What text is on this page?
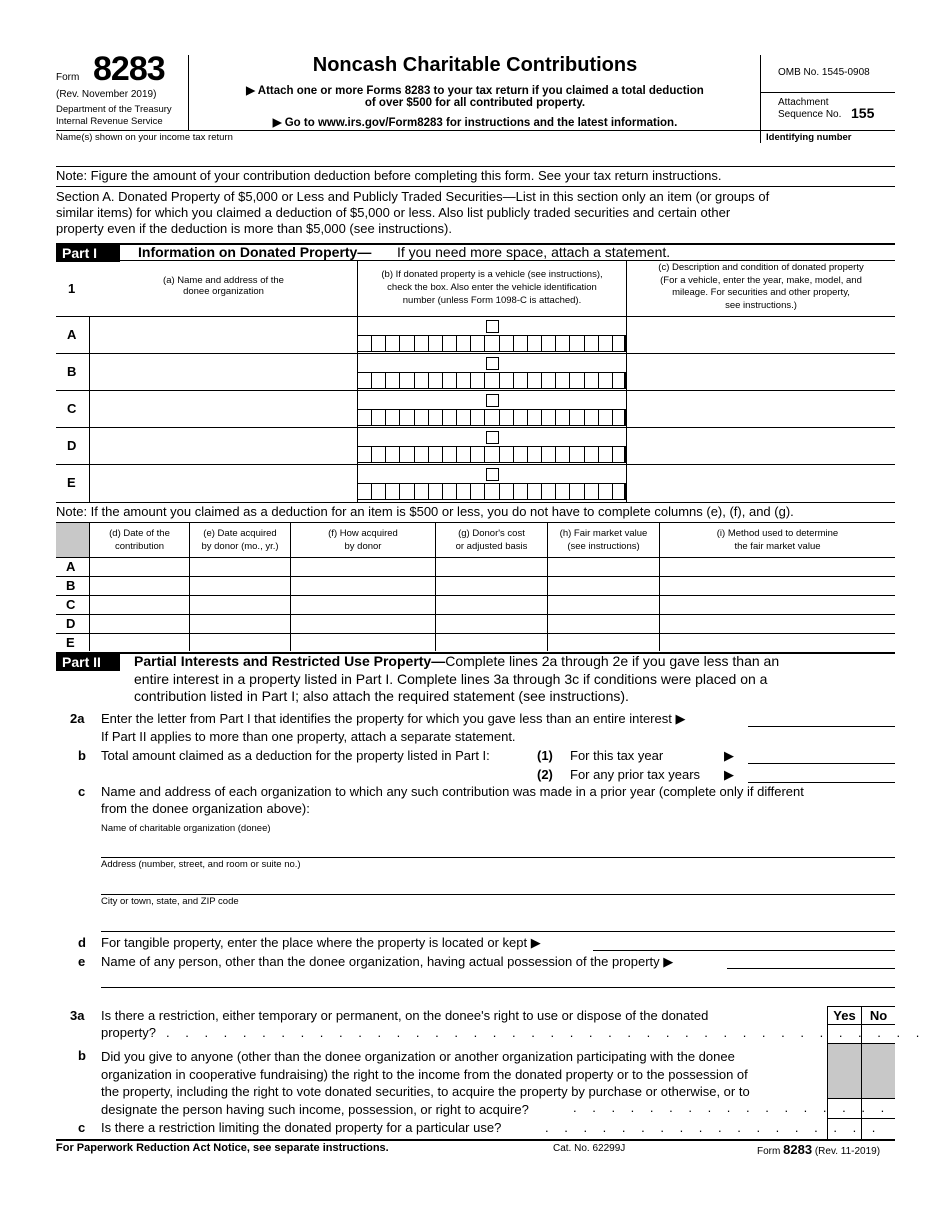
Form 8283
(Rev. November 2019)
Department of the Treasury
Internal Revenue Service
Noncash Charitable Contributions
▶ Attach one or more Forms 8283 to your tax return if you claimed a total deduction
of over $500 for all contributed property.
▶ Go to www.irs.gov/Form8283 for instructions and the latest information.
OMB No. 1545-0908
Attachment
Sequence No. 155
Name(s) shown on your income tax return	Identifying number
Note: Figure the amount of your contribution deduction before completing this form. See your tax return instructions.
Section A. Donated Property of $5,000 or Less and Publicly Traded Securities—List in this section only an item (or groups of
similar items) for which you claimed a deduction of $5,000 or less. Also list publicly traded securities and certain other
property even if the deduction is more than $5,000 (see instructions).
Part I	Information on Donated Property— If you need more space, attach a statement.
1
(a) Name and address of the
donee organization
(b) If donated property is a vehicle (see instructions),
check the box. Also enter the vehicle identification
number (unless Form 1098-C is attached).
(c) Description and condition of donated property
(For a vehicle, enter the year, make, model, and
mileage. For securities and other property,
see instructions.)
A
B
C
D
E
Note: If the amount you claimed as a deduction for an item is $500 or less, you do not have to complete columns (e), (f), and (g).
(d) Date of the
contribution
(e) Date acquired
by donor (mo., yr.)
(f) How acquired
by donor
(g) Donor's cost
or adjusted basis
(h) Fair market value
(see instructions)
(i) Method used to determine
the fair market value
A
B
C
D
E
Part II	Partial Interests and Restricted Use Property—Complete lines 2a through 2e if you gave less than an
entire interest in a property listed in Part I. Complete lines 3a through 3c if conditions were placed on a
contribution listed in Part I; also attach the required statement (see instructions).
2a Enter the letter from Part I that identifies the property for which you gave less than an entire interest ▶
If Part II applies to more than one property, attach a separate statement.
b Total amount claimed as a deduction for the property listed in Part I:	(1) For this tax year	▶
(2) For any prior tax years ▶
c Name and address of each organization to which any such contribution was made in a prior year (complete only if different
from the donee organization above):
Name of charitable organization (donee)
Address (number, street, and room or suite no.)
City or town, state, and ZIP code
d For tangible property, enter the place where the property is located or kept ▶
e Name of any person, other than the donee organization, having actual possession of the property ▶
Yes	No
3a Is there a restriction, either temporary or permanent, on the donee's right to use or dispose of the donated
property? . . . . . . . . . . . . . . . . . . . . . . . . . . . . . . . . . . . . . . . .
b Did you give to anyone (other than the donee organization or another organization participating with the donee
organization in cooperative fundraising) the right to the income from the donated property or to the possession of
the property, including the right to vote donated securities, to acquire the property by purchase or otherwise, or to
designate the person having such income, possession, or right to acquire?	. . . . . . . . . . . . . . . . .
c Is there a restriction limiting the donated property for a particular use?	. . . . . . . . . . . . . . . . . .
For Paperwork Reduction Act Notice, see separate instructions.	Cat. No. 62299J	Form 8283 (Rev. 11-2019)
